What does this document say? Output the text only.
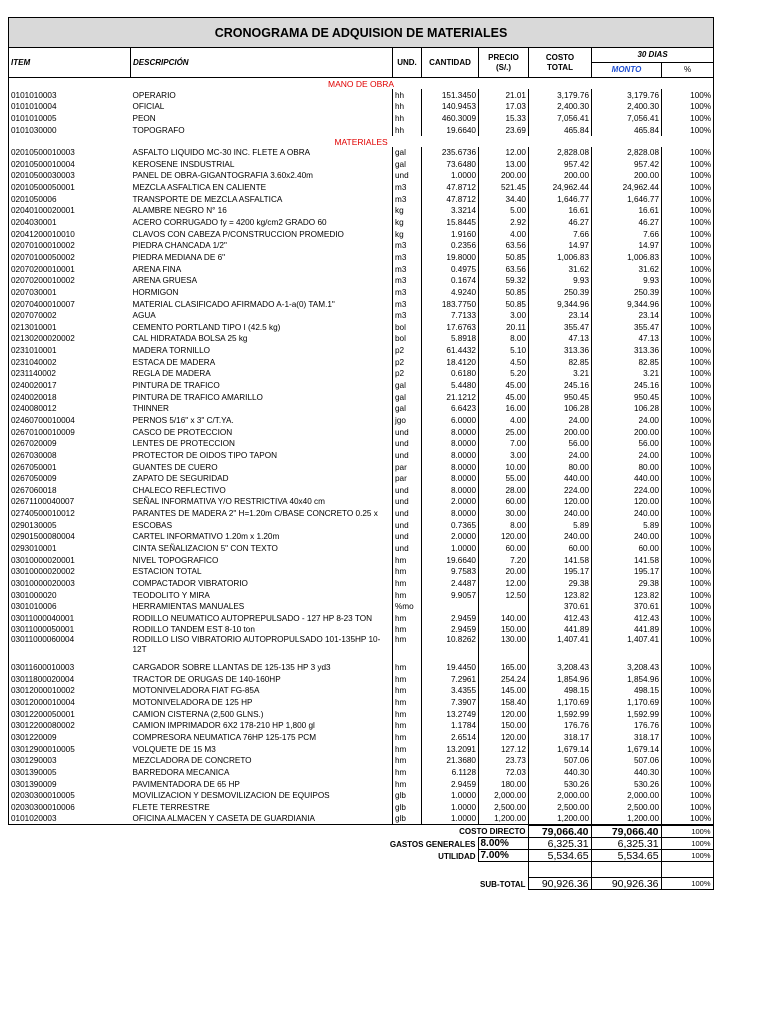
CRONOGRAMA DE ADQUISION DE MATERIALES							
ITEM	DESCRIPCIÓN	UND.	CANTIDAD	PRECIO	COSTO	30 DIAS	
				(S/.)	TOTAL	MONTO	%
MANO DE OBRA							
0101010003	OPERARIO	hh	151.3450	21.01	3,179.76	3,179.76	100%
0101010004	OFICIAL	hh	140.9453	17.03	2,400.30	2,400.30	100%
0101010005	PEON	hh	460.3009	15.33	7,056.41	7,056.41	100%
0101030000	TOPOGRAFO	hh	19.6640	23.69	465.84	465.84	100%
MATERIALES							
02010500010003	ASFALTO LIQUIDO MC-30 INC. FLETE A OBRA	gal	235.6736	12.00	2,828.08	2,828.08	100%
02010500010004	KEROSENE INSDUSTRIAL	gal	73.6480	13.00	957.42	957.42	100%
02010500030003	PANEL DE OBRA-GIGANTOGRAFIA 3.60x2.40m	und	1.0000	200.00	200.00	200.00	100%
02010500050001	MEZCLA ASFALTICA EN CALIENTE	m3	47.8712	521.45	24,962.44	24,962.44	100%
0201050006	TRANSPORTE DE MEZCLA ASFALTICA	m3	47.8712	34.40	1,646.77	1,646.77	100%
02040100020001	ALAMBRE NEGRO N° 16	kg	3.3214	5.00	16.61	16.61	100%
0204030001	ACERO CORRUGADO fy = 4200 kg/cm2 GRADO 60	kg	15.8445	2.92	46.27	46.27	100%
02041200010010	CLAVOS CON CABEZA P/CONSTRUCCION PROMEDIO	kg	1.9160	4.00	7.66	7.66	100%
02070100010002	PIEDRA CHANCADA 1/2"	m3	0.2356	63.56	14.97	14.97	100%
02070100050002	PIEDRA MEDIANA DE 6"	m3	19.8000	50.85	1,006.83	1,006.83	100%
02070200010001	ARENA FINA	m3	0.4975	63.56	31.62	31.62	100%
02070200010002	ARENA GRUESA	m3	0.1674	59.32	9.93	9.93	100%
0207030001	HORMIGON	m3	4.9240	50.85	250.39	250.39	100%
02070400010007	MATERIAL CLASIFICADO AFIRMADO A-1-a(0) TAM.1"	m3	183.7750	50.85	9,344.96	9,344.96	100%
0207070002	AGUA	m3	7.7133	3.00	23.14	23.14	100%
0213010001	CEMENTO PORTLAND TIPO I (42.5 kg)	bol	17.6763	20.11	355.47	355.47	100%
02130200020002	CAL HIDRATADA BOLSA 25 kg	bol	5.8918	8.00	47.13	47.13	100%
0231010001	MADERA TORNILLO	p2	61.4432	5.10	313.36	313.36	100%
0231040002	ESTACA DE MADERA	p2	18.4120	4.50	82.85	82.85	100%
0231140002	REGLA DE MADERA	p2	0.6180	5.20	3.21	3.21	100%
0240020017	PINTURA DE TRAFICO	gal	5.4480	45.00	245.16	245.16	100%
0240020018	PINTURA DE TRAFICO AMARILLO	gal	21.1212	45.00	950.45	950.45	100%
0240080012	THINNER	gal	6.6423	16.00	106.28	106.28	100%
02460700010004	PERNOS 5/16" x 3" C/T.YA.	jgo	6.0000	4.00	24.00	24.00	100%
02670100010009	CASCO DE PROTECCION	und	8.0000	25.00	200.00	200.00	100%
0267020009	LENTES DE PROTECCION	und	8.0000	7.00	56.00	56.00	100%
0267030008	PROTECTOR DE OIDOS TIPO TAPON	und	8.0000	3.00	24.00	24.00	100%
0267050001	GUANTES DE CUERO	par	8.0000	10.00	80.00	80.00	100%
0267050009	ZAPATO DE SEGURIDAD	par	8.0000	55.00	440.00	440.00	100%
0267060018	CHALECO REFLECTIVO	und	8.0000	28.00	224.00	224.00	100%
02671100040007	SEÑAL INFORMATIVA Y/O RESTRICTIVA 40x40 cm	und	2.0000	60.00	120.00	120.00	100%
02740500010012	PARANTES DE MADERA 2" H=1.20m C/BASE CONCRETO 0.25 x	und	8.0000	30.00	240.00	240.00	100%
0290130005	ESCOBAS	und	0.7365	8.00	5.89	5.89	100%
02901500080004	CARTEL INFORMATIVO 1.20m x 1.20m	und	2.0000	120.00	240.00	240.00	100%
0293010001	CINTA SEÑALIZACION 5" CON TEXTO	und	1.0000	60.00	60.00	60.00	100%
03010000020001	NIVEL TOPOGRAFICO	hm	19.6640	7.20	141.58	141.58	100%
03010000020002	ESTACION TOTAL	hm	9.7583	20.00	195.17	195.17	100%
03010000020003	COMPACTADOR VIBRATORIO	hm	2.4487	12.00	29.38	29.38	100%
0301000020	TEODOLITO Y MIRA	hm	9.9057	12.50	123.82	123.82	100%
0301010006	HERRAMIENTAS MANUALES	%mo			370.61	370.61	100%
03011000040001	RODILLO NEUMATICO AUTOPREPULSADO - 127 HP 8-23 TON	hm	2.9459	140.00	412.43	412.43	100%
03011000050001	RODILLO TANDEM EST 8-10 ton	hm	2.9459	150.00	441.89	441.89	100%
03011000060004	RODILLO LISO VIBRATORIO AUTOPROPULSADO 101-135HP 10-12T	hm	10.8262	130.00	1,407.41	1,407.41	100%
03011600010003	CARGADOR SOBRE LLANTAS DE 125-135 HP 3 yd3	hm	19.4450	165.00	3,208.43	3,208.43	100%
03011800020004	TRACTOR DE ORUGAS DE 140-160HP	hm	7.2961	254.24	1,854.96	1,854.96	100%
03012000010002	MOTONIVELADORA FIAT FG-85A	hm	3.4355	145.00	498.15	498.15	100%
03012000010004	MOTONIVELADORA DE 125 HP	hm	7.3907	158.40	1,170.69	1,170.69	100%
03012200050001	CAMION CISTERNA (2,500 GLNS.)	hm	13.2749	120.00	1,592.99	1,592.99	100%
03012200080002	CAMION IMPRIMADOR 6X2 178-210 HP 1,800 gl	hm	1.1784	150.00	176.76	176.76	100%
0301220009	COMPRESORA NEUMATICA 76HP 125-175 PCM	hm	2.6514	120.00	318.17	318.17	100%
03012900010005	VOLQUETE DE 15 M3	hm	13.2091	127.12	1,679.14	1,679.14	100%
0301290003	MEZCLADORA DE CONCRETO	hm	21.3680	23.73	507.06	507.06	100%
0301390005	BARREDORA MECANICA	hm	6.1128	72.03	440.30	440.30	100%
0301390009	PAVIMENTADORA DE 65 HP	hm	2.9459	180.00	530.26	530.26	100%
02030300010005	MOVILIZACION Y DESMOVILIZACION DE EQUIPOS	glb	1.0000	2,000.00	2,000.00	2,000.00	100%
02030300010006	FLETE TERRESTRE	glb	1.0000	2,500.00	2,500.00	2,500.00	100%
0101020003	OFICINA ALMACEN Y CASETA DE GUARDIANIA	glb	1.0000	1,200.00	1,200.00	1,200.00	100%
COSTO DIRECTO		79,066.40	79,066.40	100%
GASTOS GENERALES	8.00%	6,325.31	6,325.31	100%
UTILIDAD	7.00%	5,534.65	5,534.65	100%

SUB-TOTAL		90,926.36	90,926.36	100%
